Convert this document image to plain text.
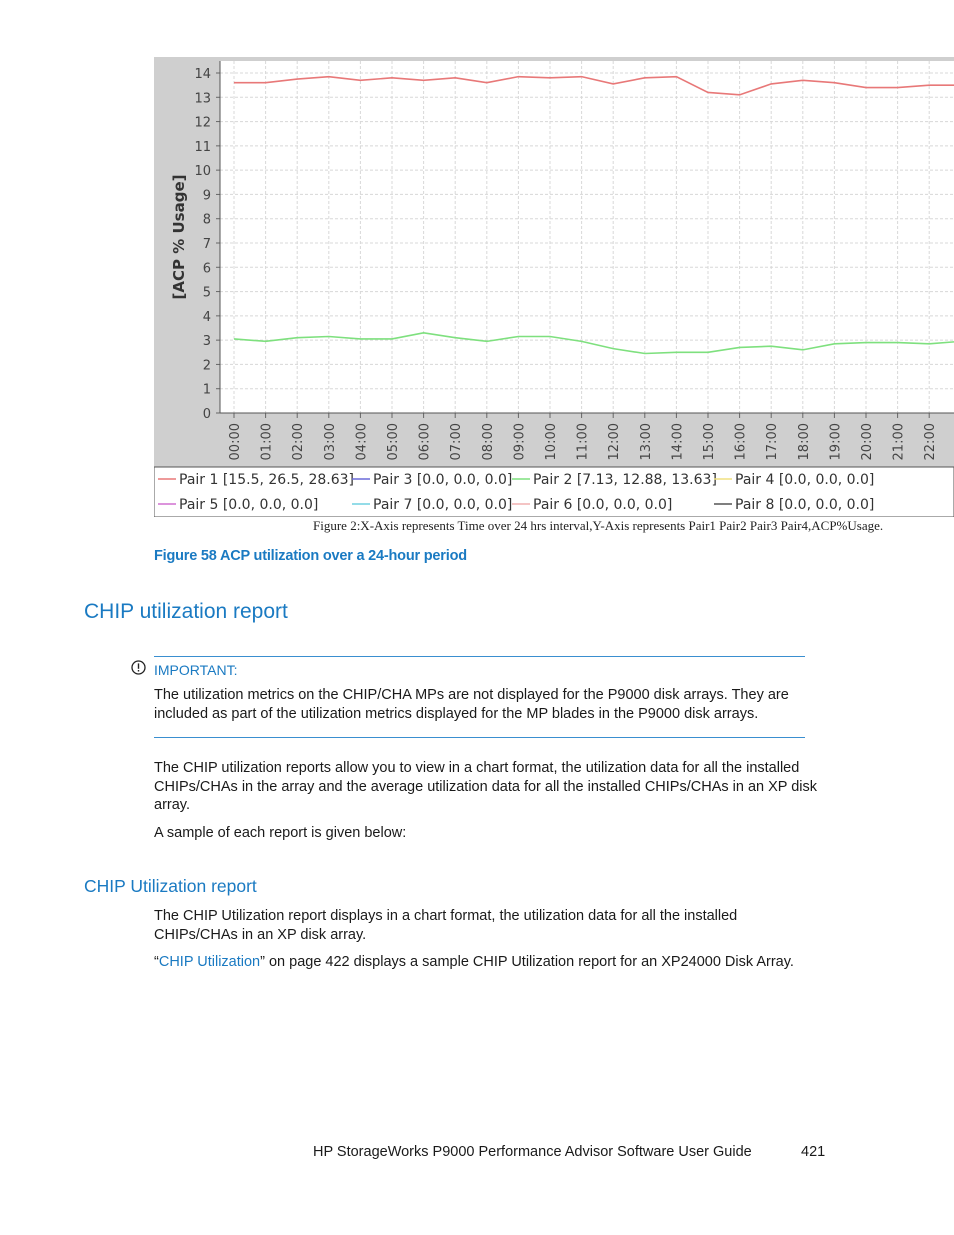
0
1
2
3
4
5
6
7
8
9
10
11
12
13
14
00:00 01:00 02:00 03:00 04:00 05:00 06:00 07:00 08:00 09:00 10:00 11:00 12:00 13:00 14:00 15:00 16:00 17:00 18:00 19:00 20:00 21:00 22:00
[ACP % Usage]
Pair 1 [15.5, 26.5, 28.63] Pair 3 [0.0, 0.0, 0.0] Pair 2 [7.13, 12.88, 13.63] Pair 4 [0.0, 0.0, 0.0]
Pair 5 [0.0, 0.0, 0.0]	Pair 7 [0.0, 0.0, 0.0] Pair 6 [0.0, 0.0, 0.0]	Pair 8 [0.0, 0.0, 0.0]
Figure 2:X-Axis represents Time over 24 hrs interval,Y-Axis represents Pair1 Pair2 Pair3 Pair4,ACP%Usage.
Figure 58 ACP utilization over a 24-hour period
CHIP utilization report
IMPORTANT:
The utilization metrics on the CHIP/CHA MPs are not displayed for the P9000 disk arrays. They are included as part of the utilization metrics displayed for the MP blades in the P9000 disk arrays.
The CHIP utilization reports allow you to view in a chart format, the utilization data for all the installed CHIPs/CHAs in the array and the average utilization data for all the installed CHIPs/CHAs in an XP disk array.
A sample of each report is given below:
CHIP Utilization report
The CHIP Utilization report displays in a chart format, the utilization data for all the installed CHIPs/CHAs in an XP disk array.
“CHIP Utilization” on page 422 displays a sample CHIP Utilization report for an XP24000 Disk Array.
HP StorageWorks P9000 Performance Advisor Software User Guide	421
